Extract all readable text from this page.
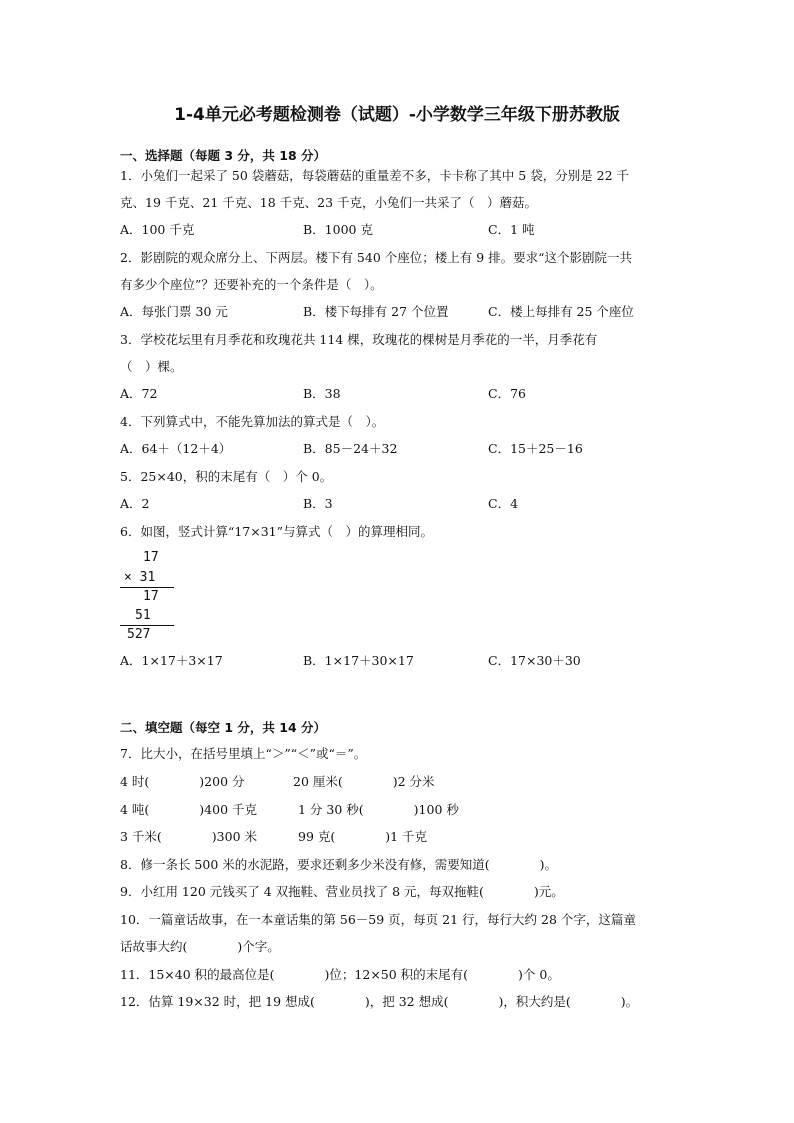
1-4单元必考题检测卷（试题）-小学数学三年级下册苏教版
一、选择题（每题 3 分，共 18 分）
1．小兔们一起采了 50 袋蘑菇，每袋蘑菇的重量差不多，卡卡称了其中 5 袋，分别是 22 千
克、19 千克、21 千克、18 千克、23 千克，小兔们一共采了（　）蘑菇。
A．100 千克	B．1000 克	C．1 吨
2．影剧院的观众席分上、下两层。楼下有 540 个座位；楼上有 9 排。要求“这个影剧院一共
有多少个座位”？还要补充的一个条件是（　）。
A．每张门票 30 元	B．楼下每排有 27 个位置	C．楼上每排有 25 个座位
3．学校花坛里有月季花和玫瑰花共 114 棵，玫瑰花的棵树是月季花的一半，月季花有
（　）棵。
A．72	B．38	C．76
4．下列算式中，不能先算加法的算式是（　）。
A．64＋（12＋4）	B．85－24＋32	C．15＋25－16
5．25×40，积的末尾有（　）个 0。
A．2	B．3	C．4
6．如图，竖式计算“17×31”与算式（　）的算理相同。
17
× 31
17
51
527
A．1×17＋3×17	B．1×17＋30×17	C．17×30＋30
二、填空题（每空 1 分，共 14 分）
7．比大小，在括号里填上“＞”“＜”或“＝”。
4 时(　　　　)200 分	20 厘米(　　　　)2 分米
4 吨(　　　　)400 千克	1 分 30 秒(　　　　)100 秒
3 千米(　　　　)300 米	99 克(　　　　)1 千克
8．修一条长 500 米的水泥路，要求还剩多少米没有修，需要知道(　　　　)。
9．小红用 120 元钱买了 4 双拖鞋、营业员找了 8 元，每双拖鞋(　　　　)元。
10．一篇童话故事，在一本童话集的第 56－59 页，每页 21 行，每行大约 28 个字，这篇童
话故事大约(　　　　)个字。
11．15×40 积的最高位是(　　　　)位；12×50 积的末尾有(　　　　)个 0。
12．估算 19×32 时，把 19 想成(　　　　)，把 32 想成(　　　　)，积大约是(　　　　)。
